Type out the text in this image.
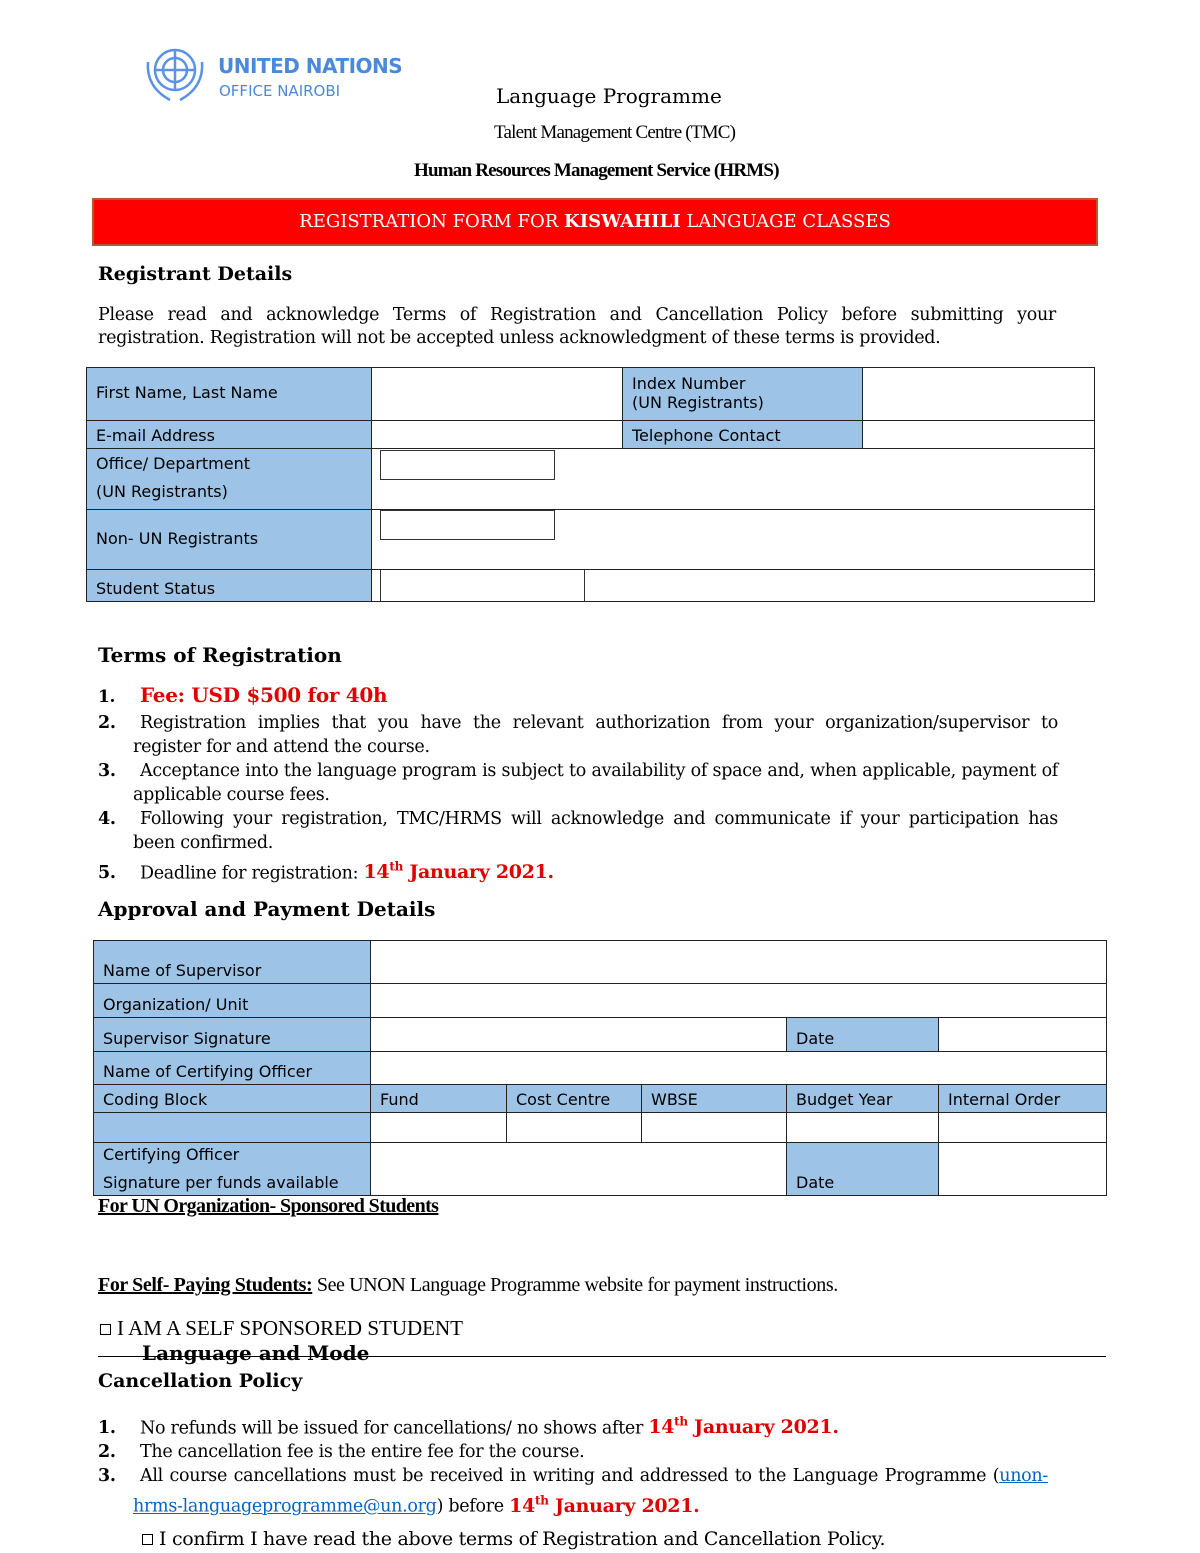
UNITED NATIONS
OFFICE NAIROBI	Language Programme
Talent Management Centre (TMC)
Human Resources Management Service (HRMS)
REGISTRATION FORM FOR KISWAHILI LANGUAGE CLASSES
Registrant Details
Please read and acknowledge Terms of Registration and Cancellation Policy before submitting your registration. Registration will not be accepted unless acknowledgment of these terms is provided.
First Name, Last Name	Index Number
(UN Registrants)
E-mail Address	Telephone Contact
Office/ Department
(UN Registrants)
Non- UN Registrants
Student Status
Terms of Registration
1. Fee: USD $500 for 40h
2.	Registration implies that you have the relevant authorization from your organization/supervisor to register for and attend the course.
3.	Acceptance into the language program is subject to availability of space and, when applicable, payment of applicable course fees.
4.	Following your registration, TMC/HRMS will acknowledge and communicate if your participation has been confirmed.
5. Deadline for registration: 14th January 2021.
Approval and Payment Details
Name of Supervisor
Organization/ Unit
Supervisor Signature	Date
Name of Certifying Officer
Coding Block	Fund	Cost Centre	WBSE	Budget Year	Internal Order
Certifying Officer
Signature per funds available	Date
For UN Organization- Sponsored Students
For Self- Paying Students: See UNON Language Programme website for payment instructions.
I AM A SELF SPONSORED STUDENT
Language and Mode
Cancellation Policy
1. No refunds will be issued for cancellations/ no shows after 14th January 2021.
2. The cancellation fee is the entire fee for the course.
3.	All course cancellations must be received in writing and addressed to the Language Programme (unon-hrms-languageprogramme@un.org) before 14th January 2021.
I confirm I have read the above terms of Registration and Cancellation Policy.
